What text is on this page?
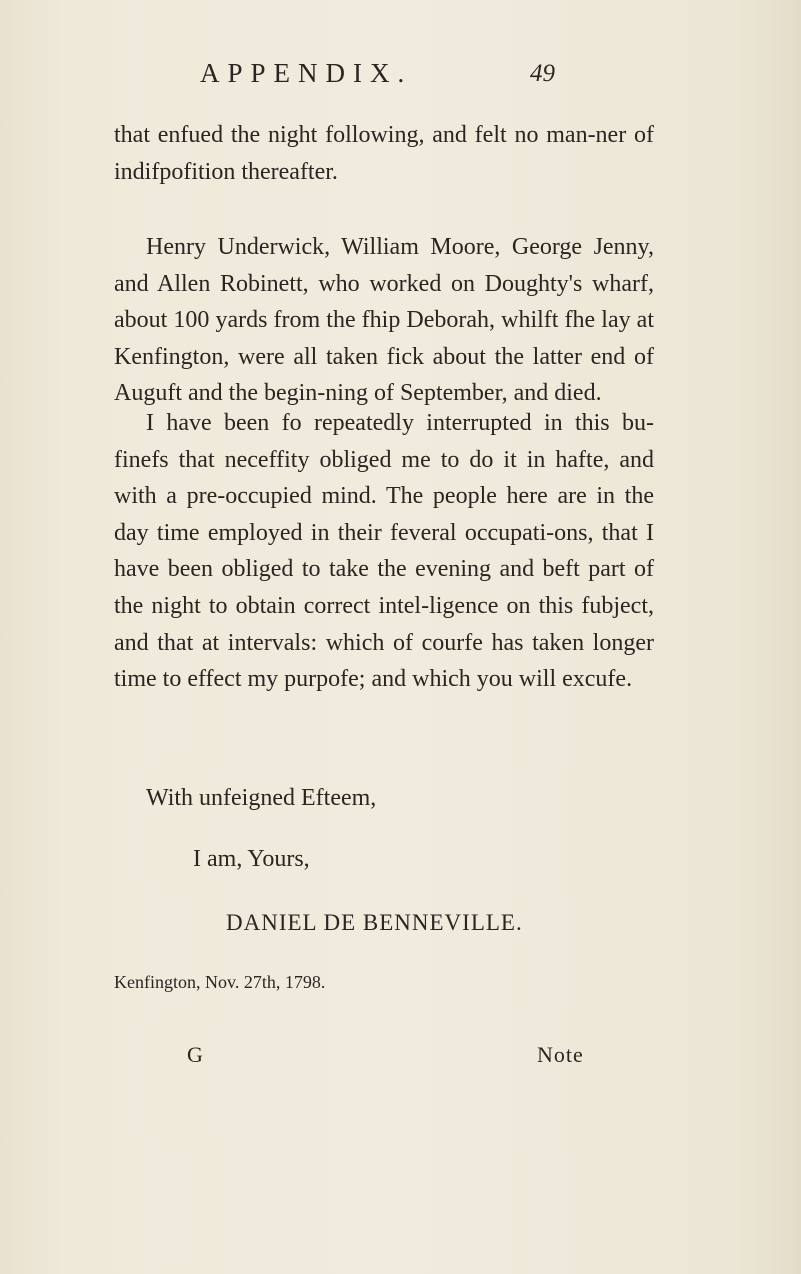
APPENDIX.	49
that enfued the night following, and felt no man-ner of indifpofition thereafter.
Henry Underwick, William Moore, George Jenny, and Allen Robinett, who worked on Doughty's wharf, about 100 yards from the fhip Deborah, whilft fhe lay at Kenfington, were all taken fick about the latter end of Auguft and the begin-ning of September, and died.
I have been fo repeatedly interrupted in this bu-finefs that neceffity obliged me to do it in hafte, and with a pre-occupied mind. The people here are in the day time employed in their feveral occupati-ons, that I have been obliged to take the evening and beft part of the night to obtain correct intel-ligence on this fubject, and that at intervals: which of courfe has taken longer time to effect my purpofe; and which you will excufe.
With unfeigned Efteem,
I am, Yours,
DANIEL DE BENNEVILLE.
Kenfington, Nov. 27th, 1798.
G	Note
